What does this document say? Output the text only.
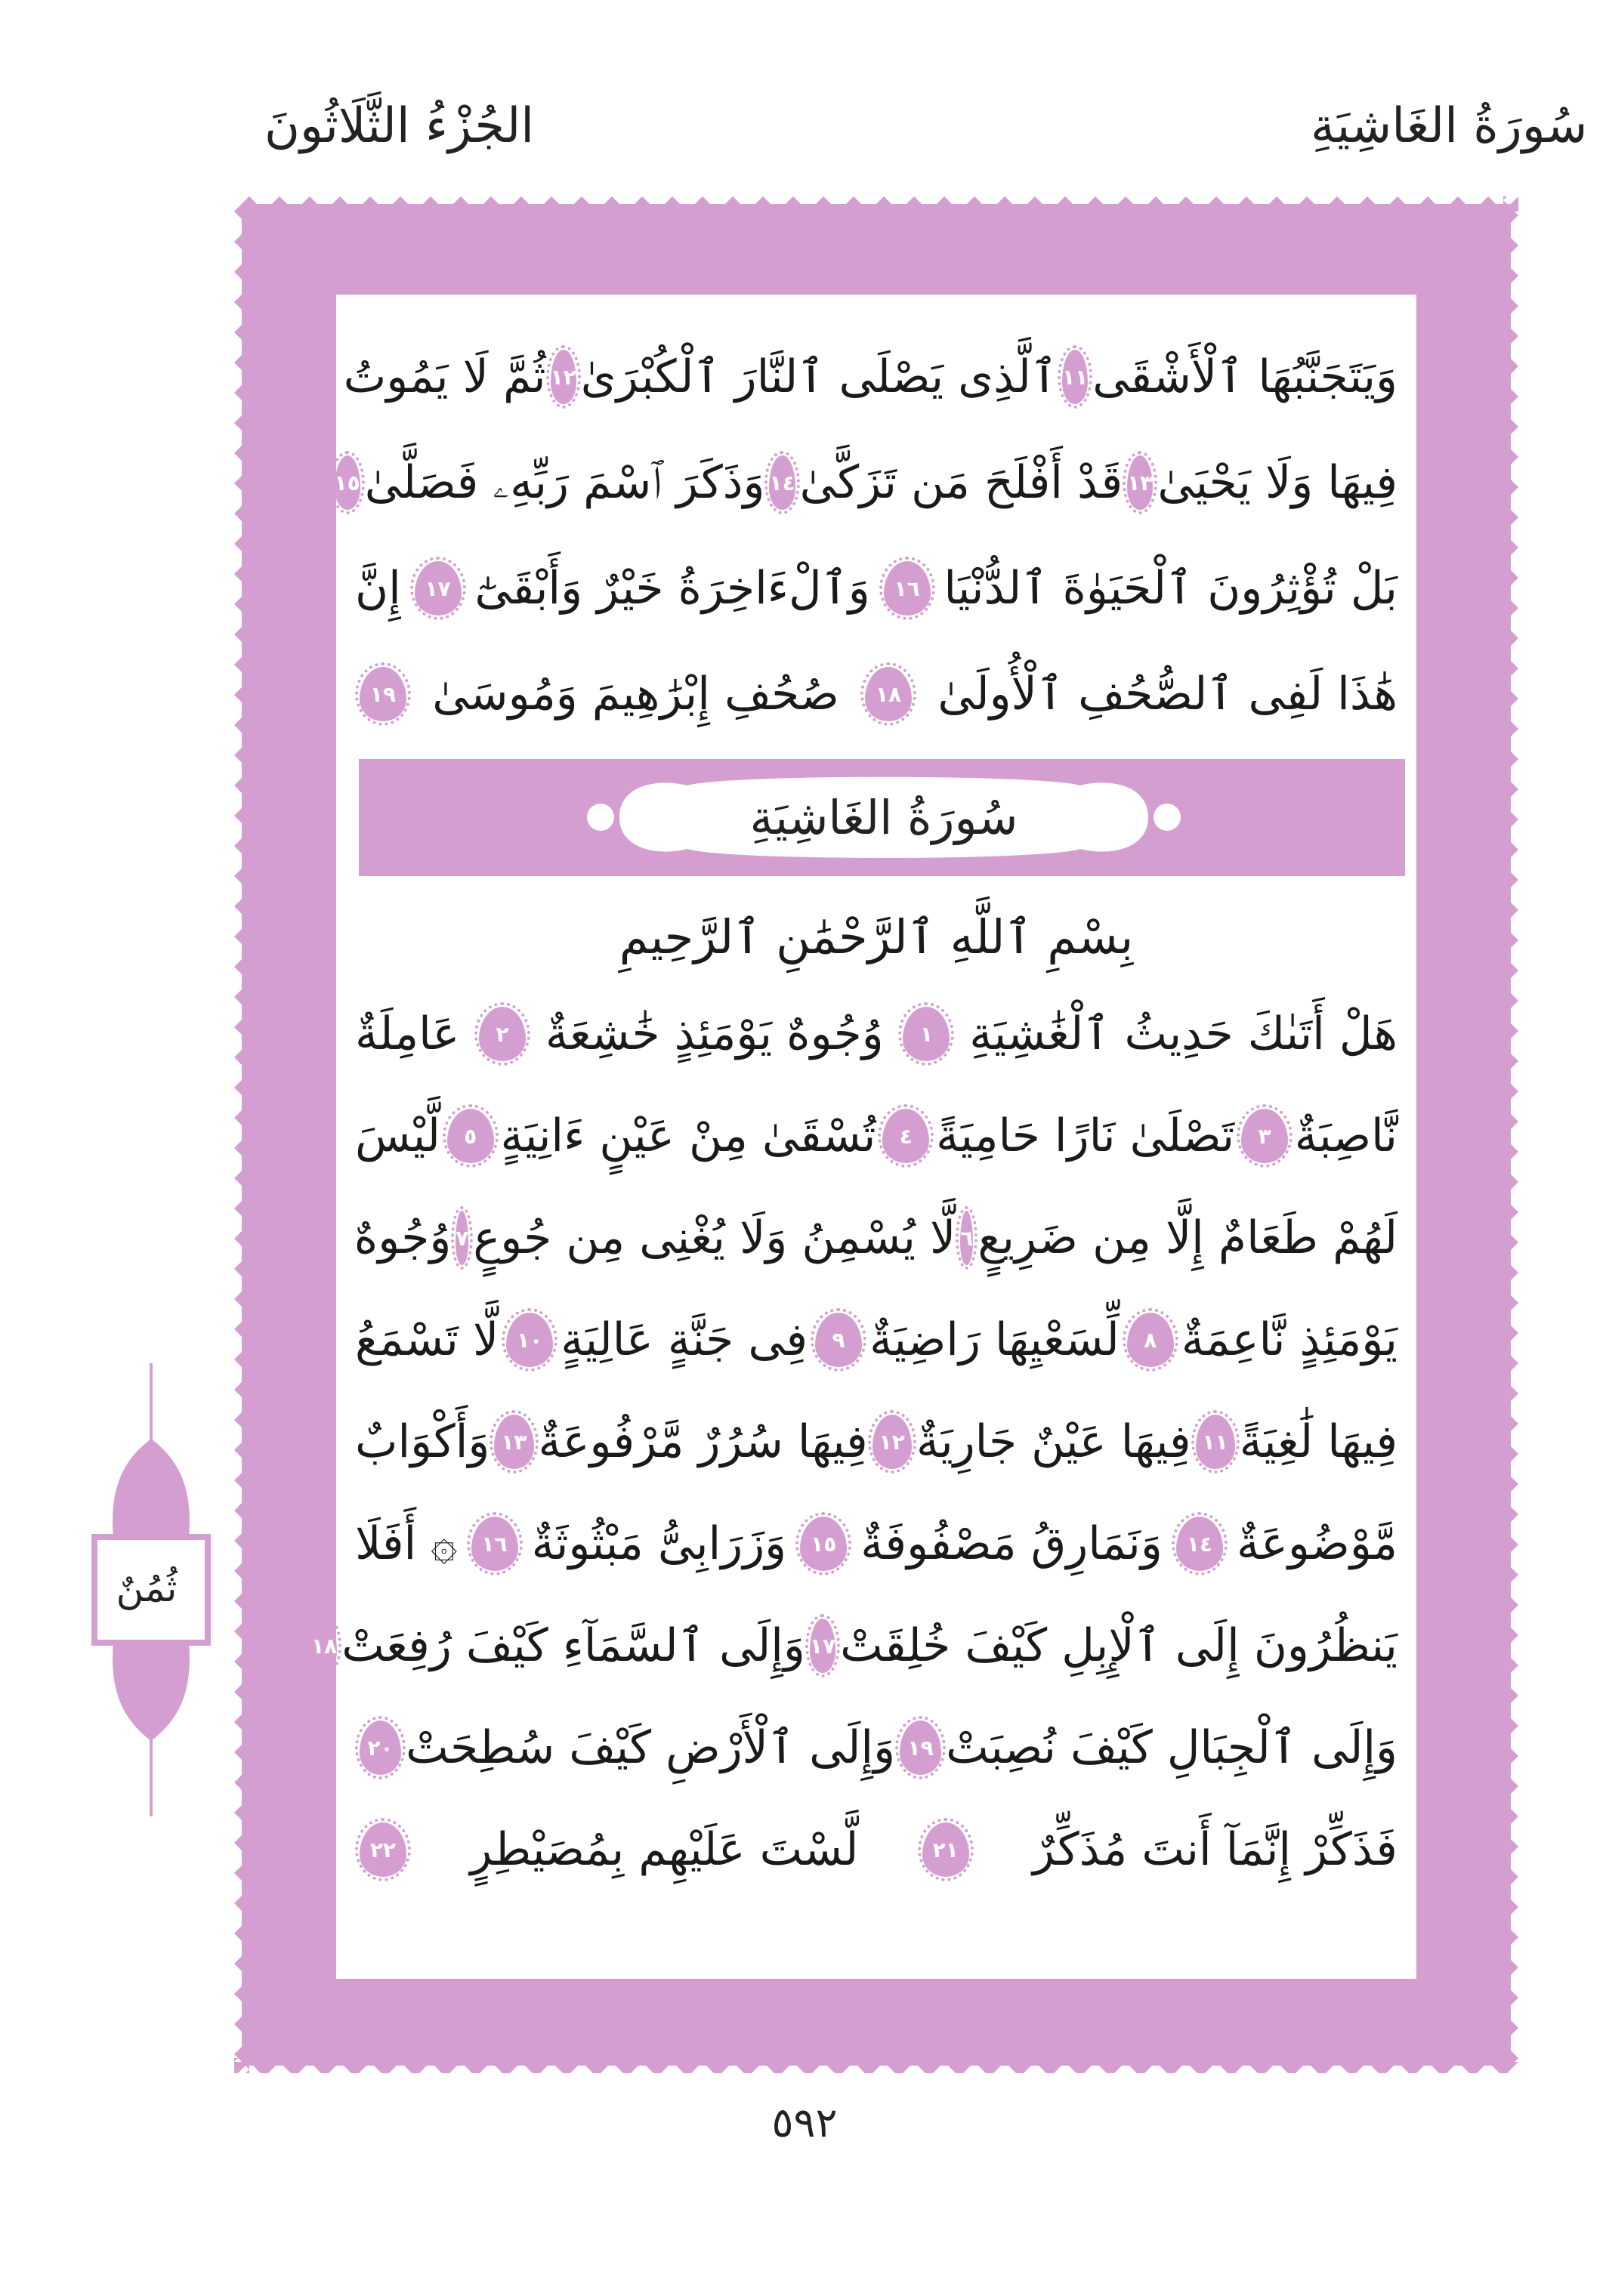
سُورَةُ الغَاشِيَةِ
الجُزْءُ الثَّلَاثُونَ
وَيَتَجَنَّبُهَا ٱلْأَشْقَى
١١
ٱلَّذِى يَصْلَى ٱلنَّارَ ٱلْكُبْرَىٰ
١٢
ثُمَّ لَا يَمُوتُ
فِيهَا وَلَا يَحْيَىٰ
١٣
قَدْ أَفْلَحَ مَن تَزَكَّىٰ
١٤
وَذَكَرَ ٱسْمَ رَبِّهِۦ فَصَلَّىٰ
١٥
بَلْ تُؤْثِرُونَ ٱلْحَيَوٰةَ ٱلدُّنْيَا
١٦
وَٱلْءَاخِرَةُ خَيْرٌ وَأَبْقَىٰٓ
١٧
إِنَّ
هَٰذَا لَفِى ٱلصُّحُفِ ٱلْأُولَىٰ
١٨
صُحُفِ إِبْرَٰهِيمَ وَمُوسَىٰ
١٩
سُورَةُ الغَاشِيَةِ
بِسْمِ ٱللَّهِ ٱلرَّحْمَٰنِ ٱلرَّحِيمِ
هَلْ أَتَىٰكَ حَدِيثُ ٱلْغَٰشِيَةِ
١
وُجُوهٌ يَوْمَئِذٍ خَٰشِعَةٌ
٢
عَامِلَةٌ
نَّاصِبَةٌ
٣
تَصْلَىٰ نَارًا حَامِيَةً
٤
تُسْقَىٰ مِنْ عَيْنٍ ءَانِيَةٍ
٥
لَّيْسَ
لَهُمْ طَعَامٌ إِلَّا مِن ضَرِيعٍ
٦
لَّا يُسْمِنُ وَلَا يُغْنِى مِن جُوعٍ
٧
وُجُوهٌ
يَوْمَئِذٍ نَّاعِمَةٌ
٨
لِّسَعْيِهَا رَاضِيَةٌ
٩
فِى جَنَّةٍ عَالِيَةٍ
١٠
لَّا تَسْمَعُ
فِيهَا لَٰغِيَةً
١١
فِيهَا عَيْنٌ جَارِيَةٌ
١٢
فِيهَا سُرُرٌ مَّرْفُوعَةٌ
١٣
وَأَكْوَابٌ
مَّوْضُوعَةٌ
١٤
وَنَمَارِقُ مَصْفُوفَةٌ
١٥
وَزَرَابِىُّ مَبْثُوثَةٌ
١٦
۞ أَفَلَا
يَنظُرُونَ إِلَى ٱلْإِبِلِ كَيْفَ خُلِقَتْ
١٧
وَإِلَى ٱلسَّمَآءِ كَيْفَ رُفِعَتْ
١٨
وَإِلَى ٱلْجِبَالِ كَيْفَ نُصِبَتْ
١٩
وَإِلَى ٱلْأَرْضِ كَيْفَ سُطِحَتْ
٢٠
فَذَكِّرْ إِنَّمَآ أَنتَ مُذَكِّرٌ
٢١
لَّسْتَ عَلَيْهِم بِمُصَيْطِرٍ
٢٢
ثُمُنٌ
٥٩٢
